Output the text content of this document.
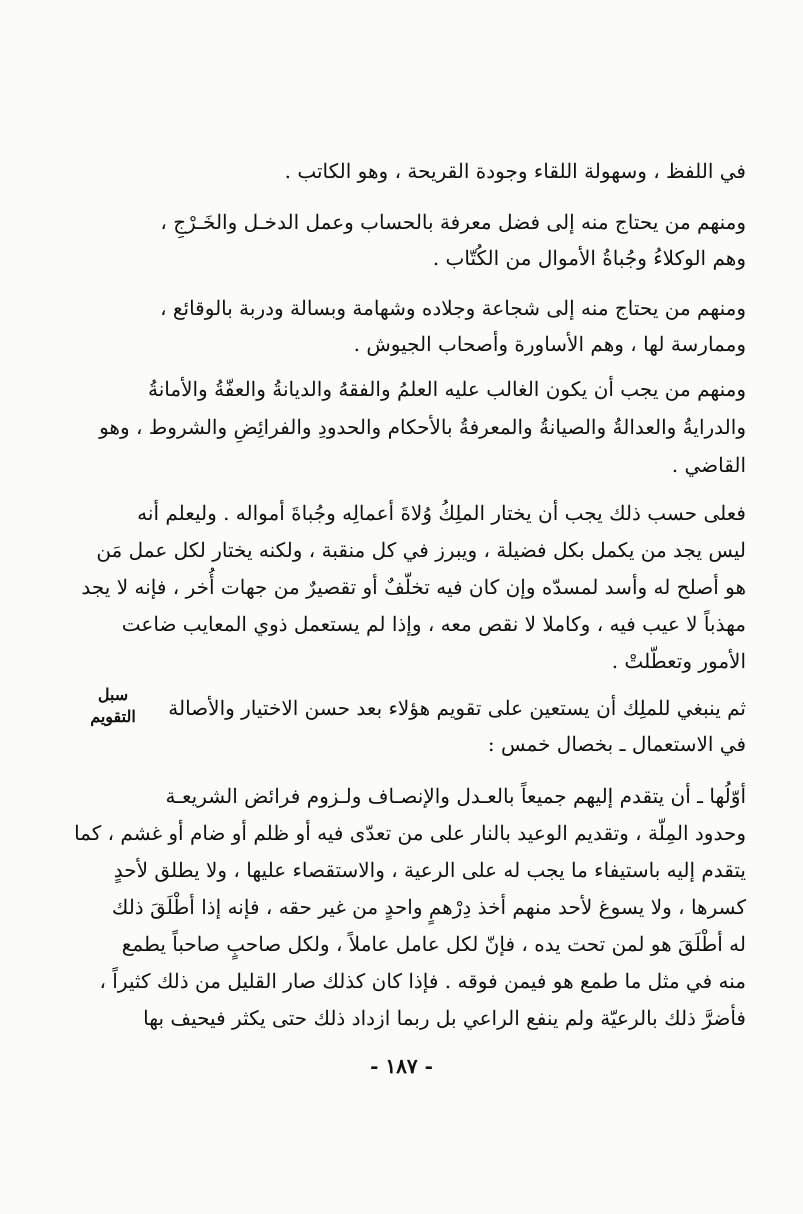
في اللفظ ، وسهولة اللقاء وجودة القريحة ، وهو الكاتب .
ومنهم من يحتاج منه إلى فضل معرفة بالحساب وعمل الدخـل والخَـرْجِ ،
وهم الوكلاءُ وجُباةُ الأموال من الكُتّاب .
ومنهم من يحتاج منه إلى شجاعة وجلاده وشهامة وبسالة ودربة بالوقائع ،
وممارسة لها ، وهم الأساورة وأصحاب الجيوش .
ومنهم من يجب أن يكون الغالب عليه العلمُ والفقهُ والديانةُ والعفّةُ والأمانةُ
والدرايةُ والعدالةُ والصيانةُ والمعرفةُ بالأحكام والحدودِ والفرائِضِ والشروط ، وهو
القاضي .
فعلى حسب ذلك يجب أن يختار الملِكُ وُلاةَ أعمالِه وجُباةَ أمواله . وليعلم أنه
ليس يجد من يكمل بكل فضيلة ، ويبرز في كل منقبة ، ولكنه يختار لكل عمل مَن
هو أصلح له وأسد لمسدّه وإن كان فيه تخلّفٌ أو تقصيرٌ من جهات أُخر ، فإنه لا يجد
مهذباً لا عيب فيه ، وكاملا لا نقص معه ، وإذا لم يستعمل ذوي المعايب ضاعت
الأمور وتعطّلتْ .
ثم ينبغي للملِك أن يستعين على تقويم هؤلاء بعد حسن الاختيار والأصالة
في الاستعمال ـ بخصال خمس :
أوّلُها ـ أن يتقدم إليهم جميعاً بالعـدل والإنصـاف ولـزوم فرائض الشريعـة
وحدود المِلّة ، وتقديم الوعيد بالنار على من تعدّى فيه أو ظلم أو ضام أو غشم ، كما
يتقدم إليه باستيفاء ما يجب له على الرعية ، والاستقصاء عليها ، ولا يطلق لأحدٍ
كسرها ، ولا يسوغ لأحد منهم أخذ دِرْهمٍ واحدٍ من غير حقه ، فإنه إذا أطْلَقَ ذلك
له أطْلَقَ هو لمن تحت يده ، فإنّ لكل عامل عاملاً ، ولكل صاحبٍ صاحباً يطمع
منه في مثل ما طمع هو فيمن فوقه . فإذا كان كذلك صار القليل من ذلك كثيراً ،
فأضرَّ ذلك بالرعيّة ولم ينفع الراعي بل ربما ازداد ذلك حتى يكثر فيحيف بها
سبل
التقويم
- ١٨٧ -
